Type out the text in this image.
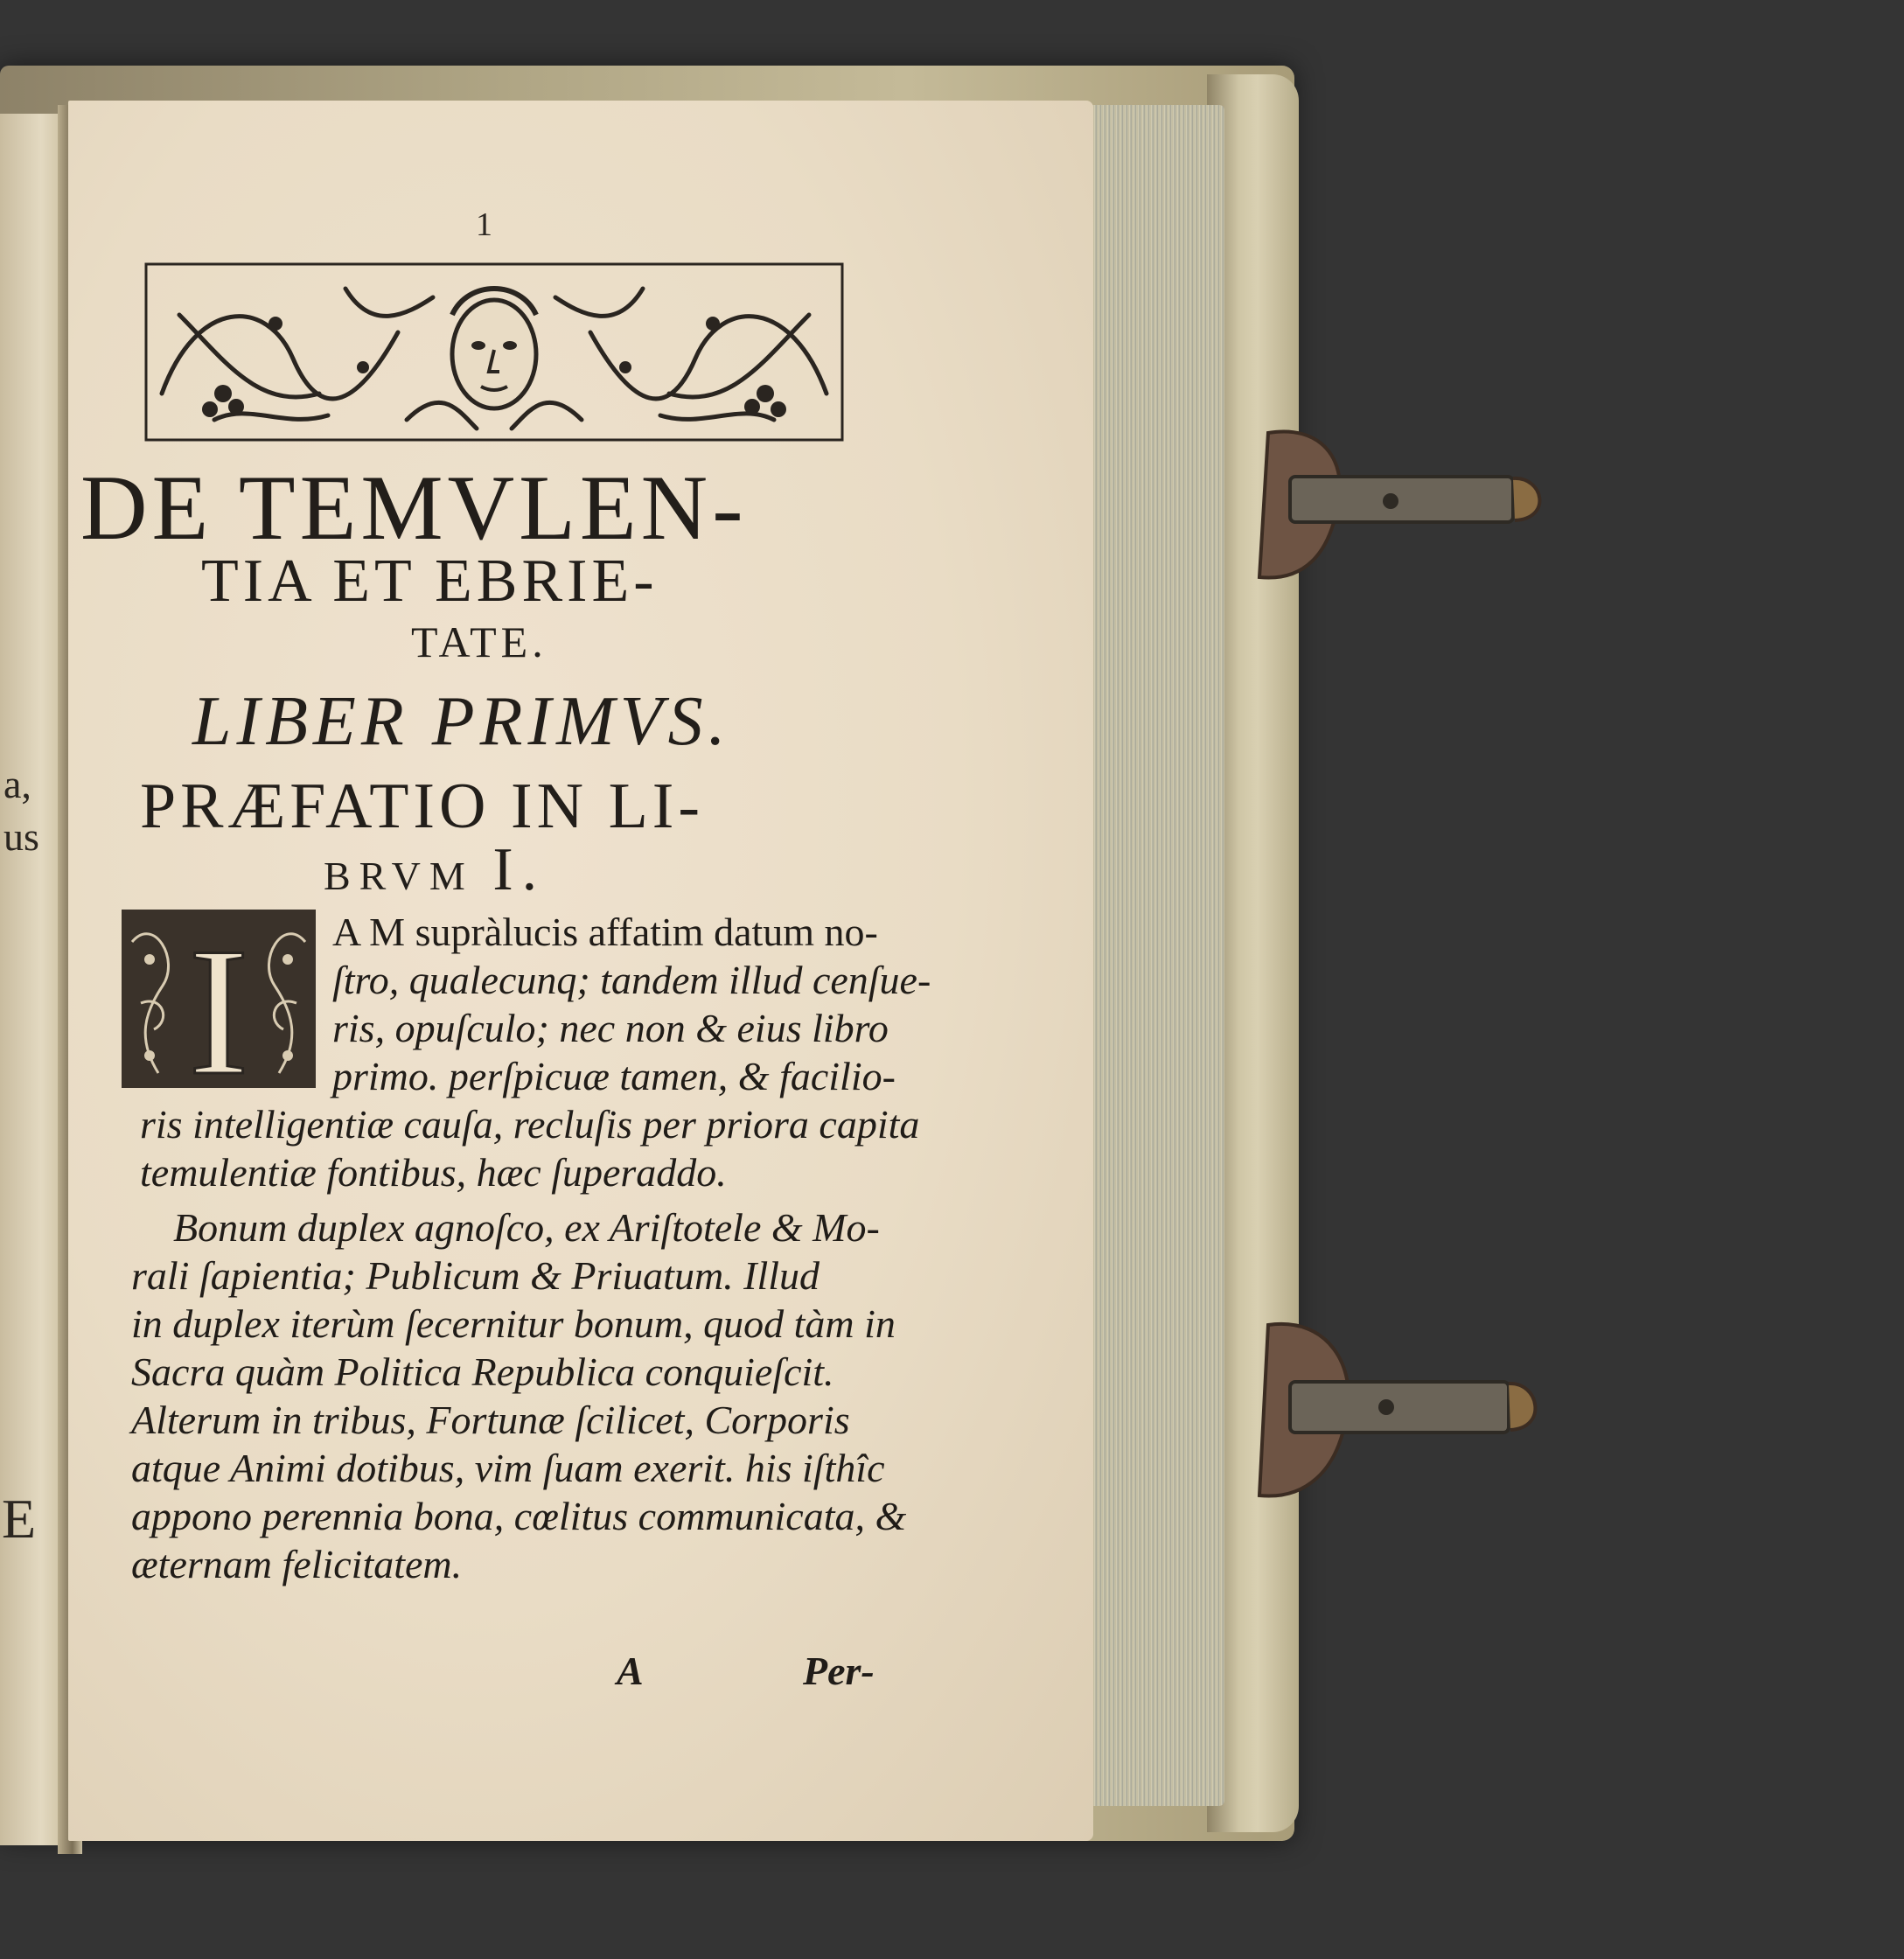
a,
us
E
1
DE TEMVLEN-
TIA ET EBRIE-
TATE.
LIBER PRIMVS.
PRÆFATIO IN LI-
BRVM I.
I A M supràlucis affatim datum no-
ſtro, qualecunq; tandem illud cenſue-
ris, opuſculo; nec non & eius libro
primo. perſpicuæ tamen, & facilio-
ris intelligentiæ cauſa, recluſis per priora capita
temulentiæ fontibus, hæc ſuperaddo.
Bonum duplex agnoſco, ex Ariſtotele & Mo-
rali ſapientia; Publicum & Priuatum. Illud
in duplex iterùm ſecernitur bonum, quod tàm in
Sacra quàm Politica Republica conquieſcit.
Alterum in tribus, Fortunæ ſcilicet, Corporis
atque Animi dotibus, vim ſuam exerit. his iſthîc
appono perennia bona, cœlitus communicata, &
æternam felicitatem.
A	Per-
